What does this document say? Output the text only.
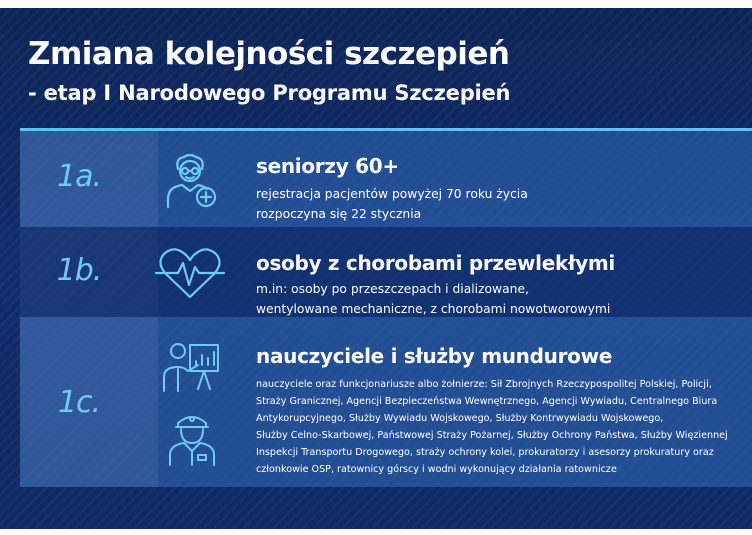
Zmiana kolejności szczepień
- etap I Narodowego Programu Szczepień
1a.	seniorzy 60+

rejestracja pacjentów powyżej 70 roku życia
rozpoczyna się 22 stycznia

1b.	osoby z chorobami przewlekłymi

m.in: osoby po przeszczepach i dializowane,
wentylowane mechaniczne, z chorobami nowotworowymi

1c.
nauczyciele i służby mundurowe

nauczyciele oraz funkcjonariusze albo żołnierze: Sił Zbrojnych Rzeczypospolitej Polskiej, Policji,
Straży Granicznej, Agencji Bezpieczeństwa Wewnętrznego, Agencji Wywiadu, Centralnego Biura
Antykorupcyjnego, Służby Wywiadu Wojskowego, Służby Kontrwywiadu Wojskowego,
Służby Celno-Skarbowej, Państwowej Straży Pożarnej, Służby Ochrony Państwa, Służby Więziennej
Inspekcji Transportu Drogowego, straży ochrony kolei, prokuratorzy i asesorzy prokuratury oraz
członkowie OSP, ratownicy górscy i wodni wykonujący działania ratownicze
